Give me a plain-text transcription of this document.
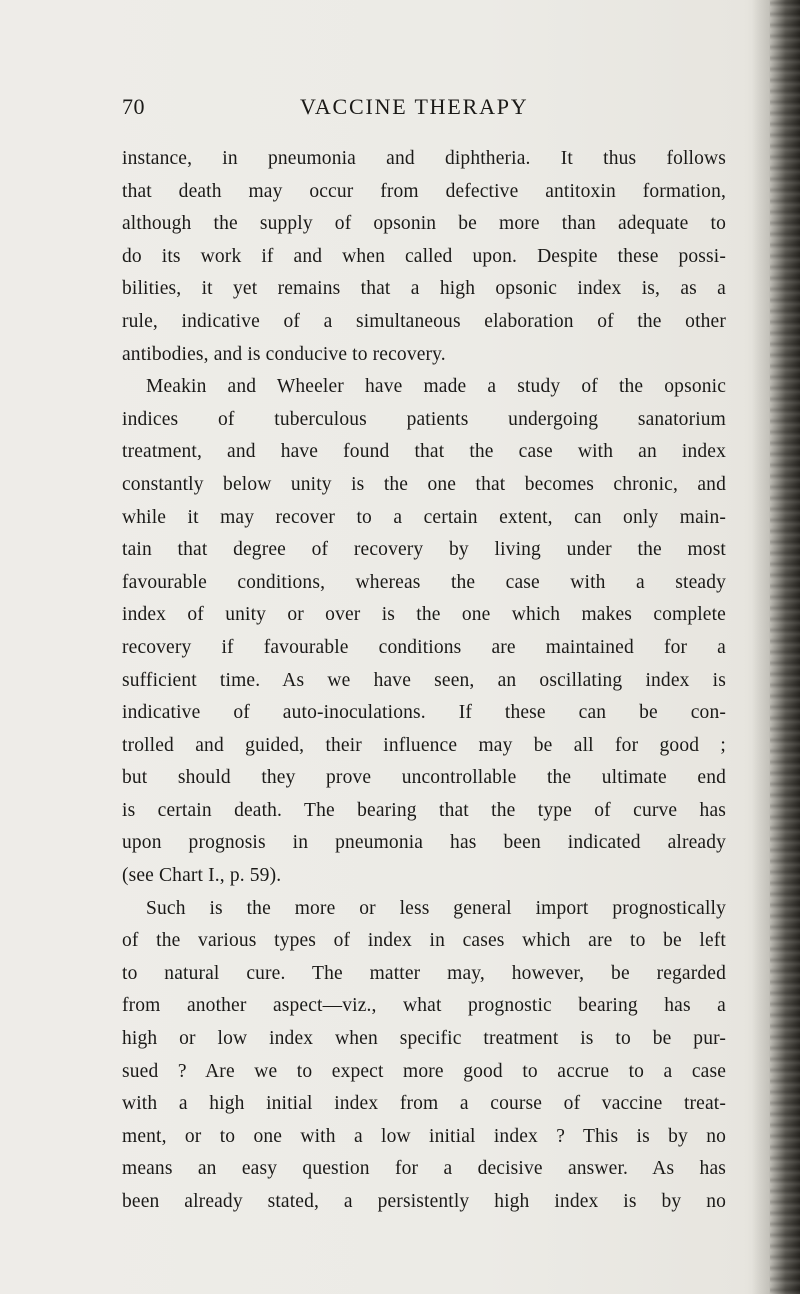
70	VACCINE THERAPY
instance, in pneumonia and diphtheria. It thus follows
that death may occur from defective antitoxin formation,
although the supply of opsonin be more than adequate to
do its work if and when called upon. Despite these possi-
bilities, it yet remains that a high opsonic index is, as a
rule, indicative of a simultaneous elaboration of the other
antibodies, and is conducive to recovery.
Meakin and Wheeler have made a study of the opsonic
indices of tuberculous patients undergoing sanatorium
treatment, and have found that the case with an index
constantly below unity is the one that becomes chronic, and
while it may recover to a certain extent, can only main-
tain that degree of recovery by living under the most
favourable conditions, whereas the case with a steady
index of unity or over is the one which makes complete
recovery if favourable conditions are maintained for a
sufficient time. As we have seen, an oscillating index is
indicative of auto-inoculations. If these can be con-
trolled and guided, their influence may be all for good ;
but should they prove uncontrollable the ultimate end
is certain death. The bearing that the type of curve has
upon prognosis in pneumonia has been indicated already
(see Chart I., p. 59).
Such is the more or less general import prognostically
of the various types of index in cases which are to be left
to natural cure. The matter may, however, be regarded
from another aspect—viz., what prognostic bearing has a
high or low index when specific treatment is to be pur-
sued ? Are we to expect more good to accrue to a case
with a high initial index from a course of vaccine treat-
ment, or to one with a low initial index ? This is by no
means an easy question for a decisive answer. As has
been already stated, a persistently high index is by no
